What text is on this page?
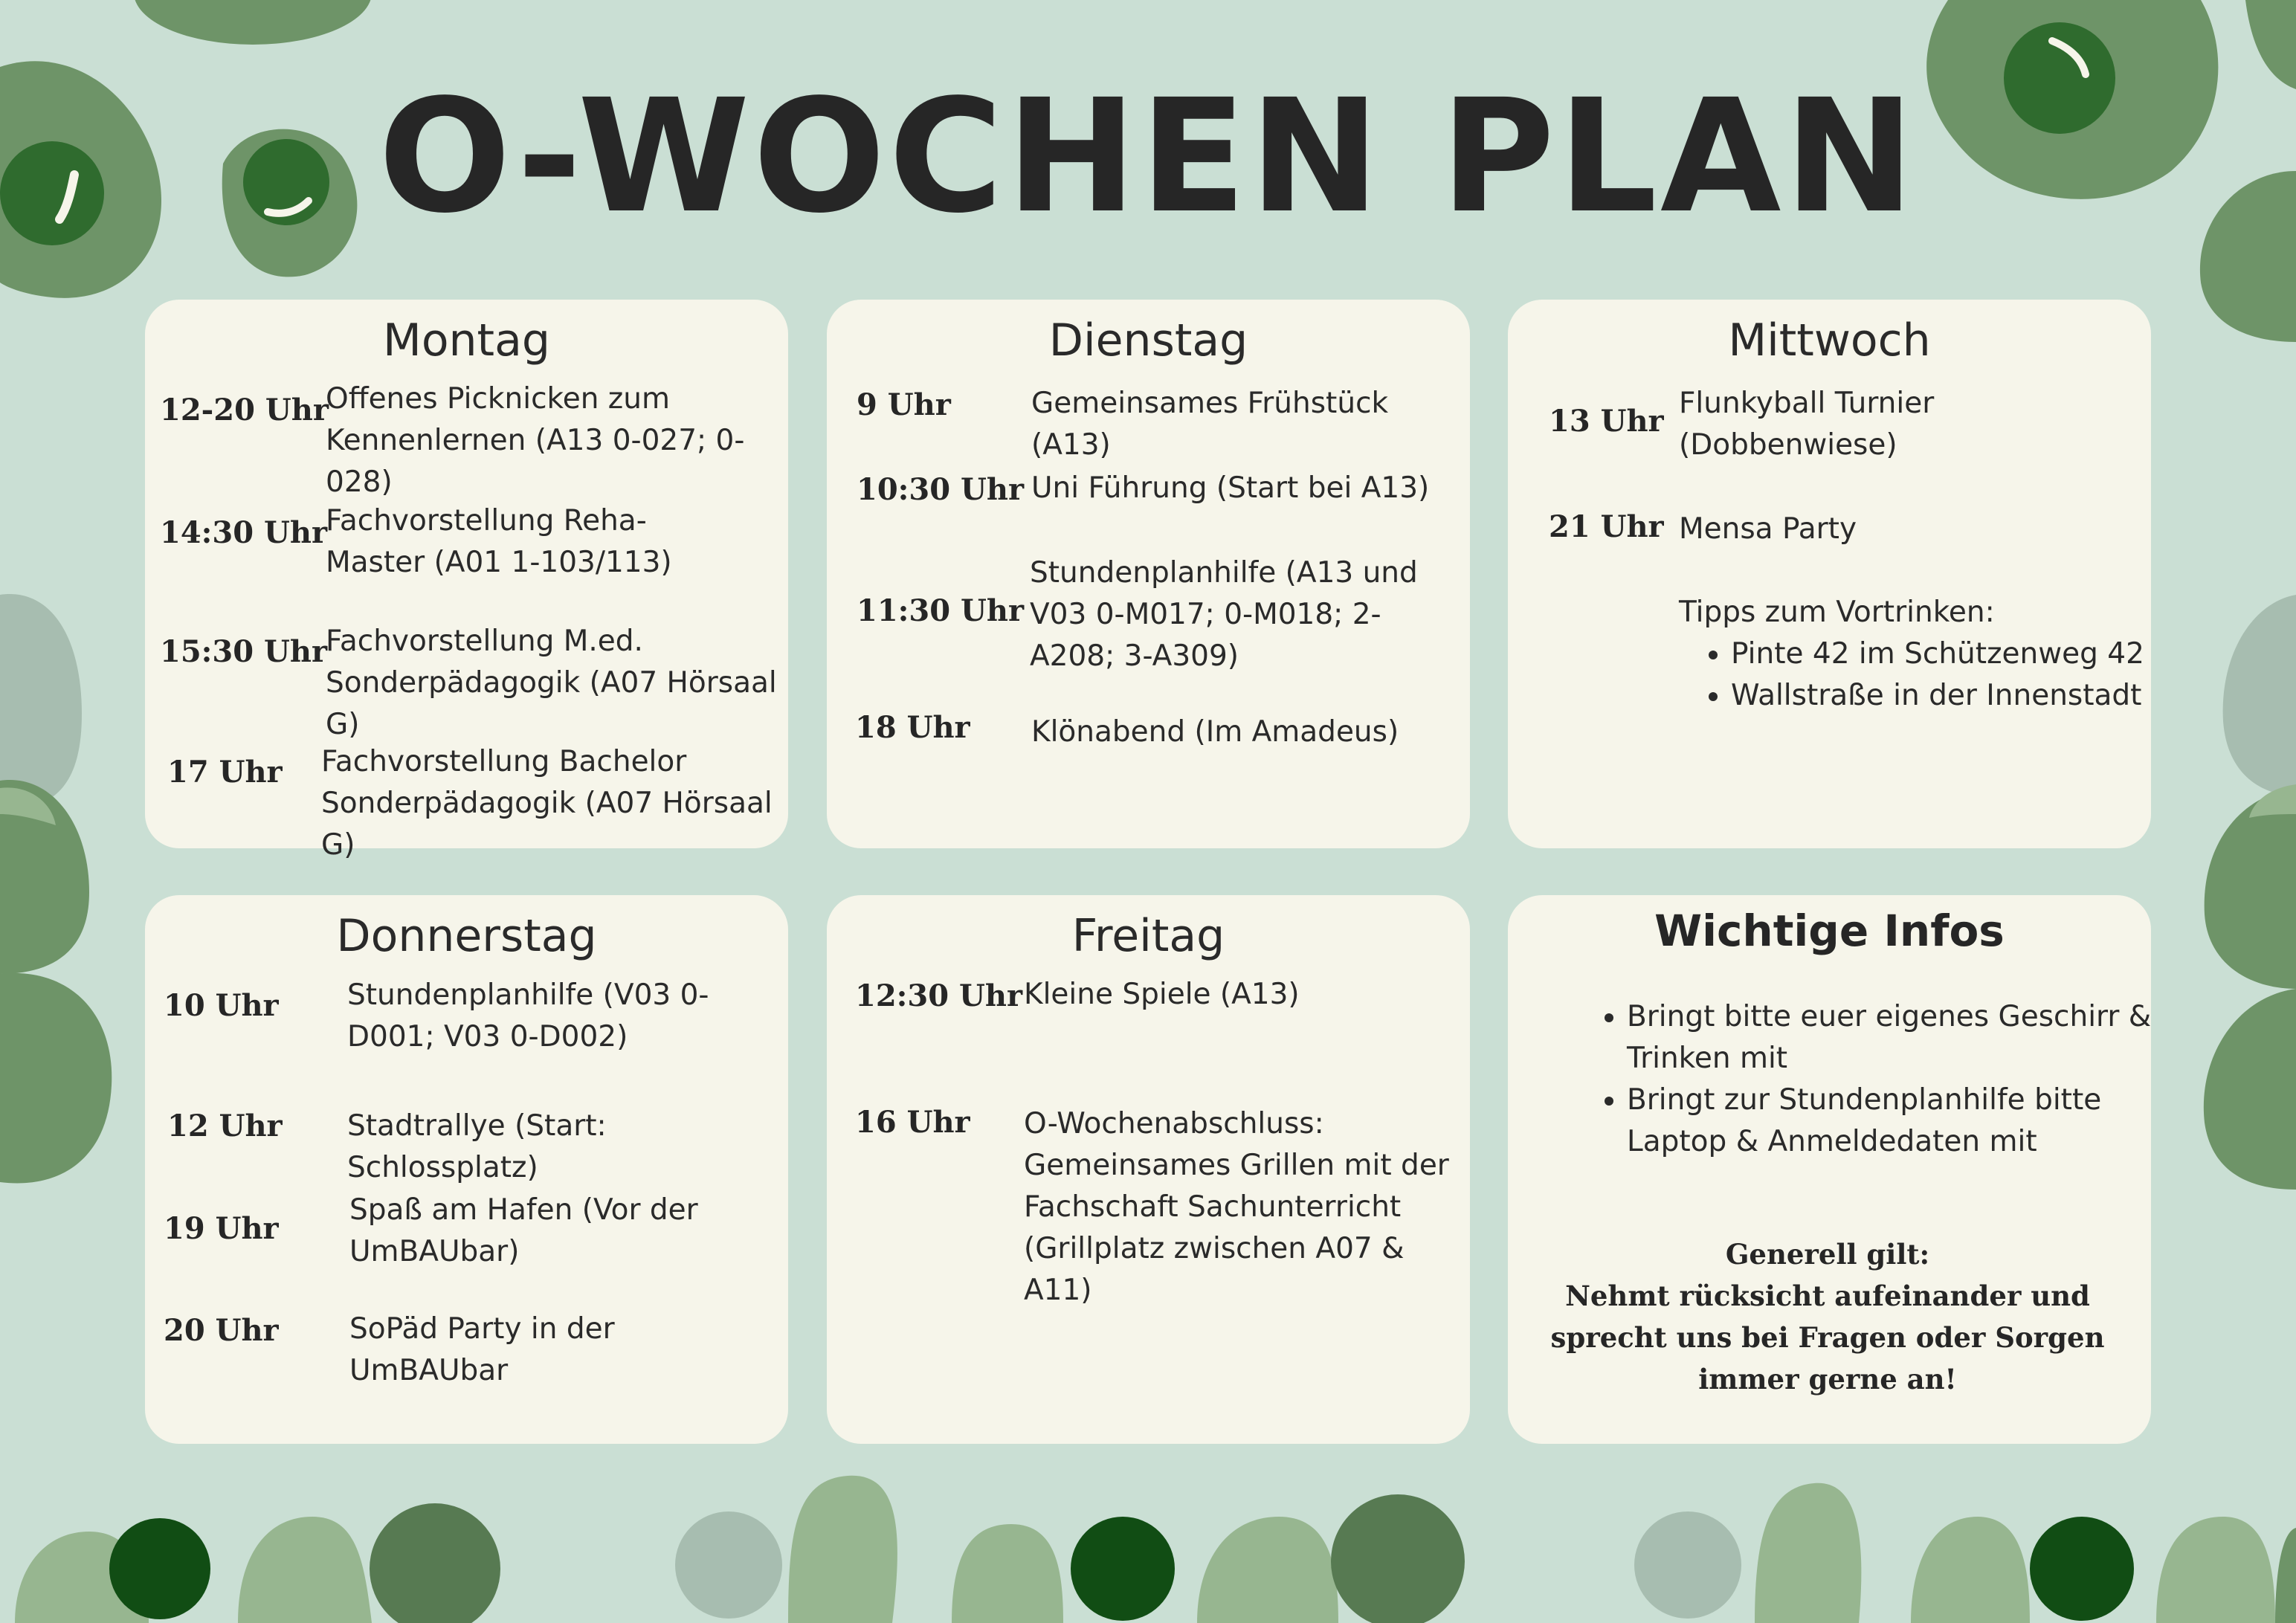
O-WOCHEN PLAN
Montag
12-20 Uhr
Offenes Picknicken zum Kennenlernen (A13 0-027; 0-028)
14:30 Uhr
Fachvorstellung Reha-Master (A01 1-103/113)
15:30 Uhr
Fachvorstellung M.ed. Sonderpädagogik (A07 Hörsaal G)
17 Uhr Fachvorstellung Bachelor Sonderpädagogik (A07 Hörsaal G)
Dienstag
9 Uhr	Gemeinsames Frühstück (A13)
10:30 Uhr Uni Führung (Start bei A13)
11:30 Uhr
Stundenplanhilfe (A13 und V03 0-M017; 0-M018; 2-A208; 3-A309)
18 Uhr Klönabend (Im Amadeus)
Mittwoch
13 Uhr
Flunkyball Turnier (Dobbenwiese)
21 Uhr Mensa Party
Tipps zum Vortrinken:
• Pinte 42 im Schützenweg 42
• Wallstraße in der Innenstadt
Donnerstag
10 Uhr Stundenplanhilfe (V03 0-D001; V03 0-D002)
12 Uhr Stadtrallye (Start: Schlossplatz)
19 Uhr
Spaß am Hafen (Vor der UmBAUbar)
20 Uhr SoPäd Party in der UmBAUbar
Freitag
12:30 Uhr Kleine Spiele (A13)
16 Uhr O-Wochenabschluss: Gemeinsames Grillen mit der Fachschaft Sachunterricht (Grillplatz zwischen A07 & A11)
Wichtige Infos
• Bringt bitte euer eigenes Geschirr & Trinken mit
• Bringt zur Stundenplanhilfe bitte Laptop & Anmeldedaten mit
Generell gilt:
Nehmt rücksicht aufeinander und sprecht uns bei Fragen oder Sorgen immer gerne an!
